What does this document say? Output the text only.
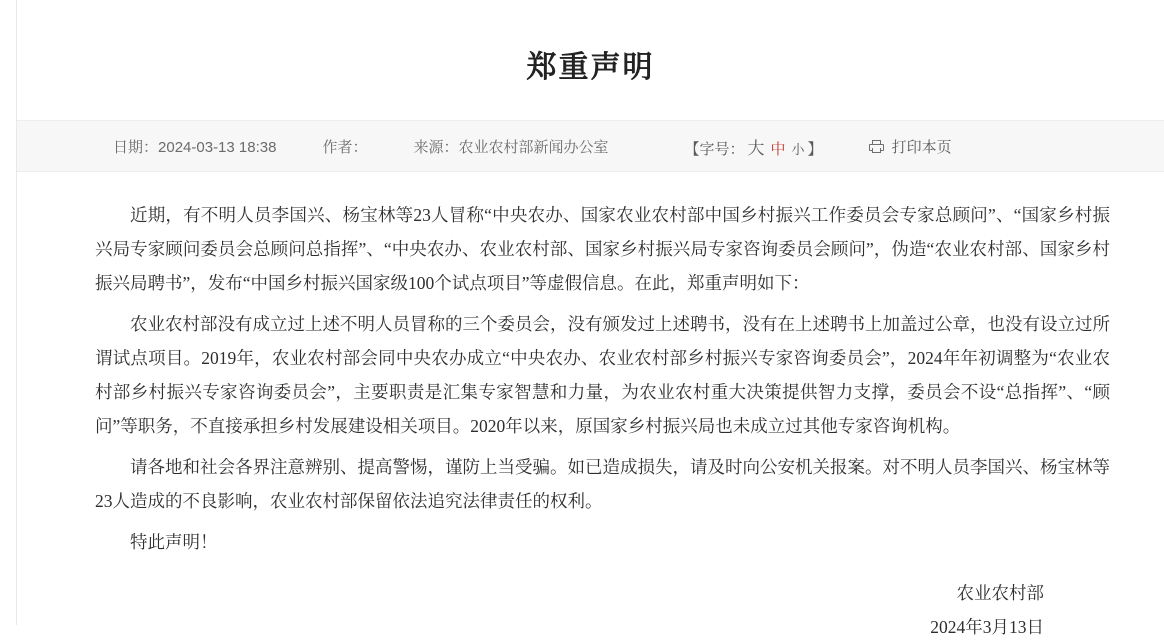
郑重声明
日期：2024-03-13 18:38	作者：	来源：农业农村部新闻办公室	【字号： 大 中 小 】	打印本页

近期，有不明人员李国兴、杨宝林等23人冒称“中央农办、国家农业农村部中国乡村振兴工作委员会专家总顾问”、“国家乡村振兴局专家顾问委员会总顾问总指挥”、“中央农办、农业农村部、国家乡村振兴局专家咨询委员会顾问”，伪造“农业农村部、国家乡村振兴局聘书”，发布“中国乡村振兴国家级100个试点项目”等虚假信息。在此，郑重声明如下：

农业农村部没有成立过上述不明人员冒称的三个委员会，没有颁发过上述聘书，没有在上述聘书上加盖过公章，也没有设立过所谓试点项目。2019年，农业农村部会同中央农办成立“中央农办、农业农村部乡村振兴专家咨询委员会”，2024年年初调整为“农业农村部乡村振兴专家咨询委员会”，主要职责是汇集专家智慧和力量，为农业农村重大决策提供智力支撑，委员会不设“总指挥”、“顾问”等职务，不直接承担乡村发展建设相关项目。2020年以来，原国家乡村振兴局也未成立过其他专家咨询机构。

请各地和社会各界注意辨别、提高警惕，谨防上当受骗。如已造成损失，请及时向公安机关报案。对不明人员李国兴、杨宝林等23人造成的不良影响，农业农村部保留依法追究法律责任的权利。

特此声明！

农业农村部
2024年3月13日
